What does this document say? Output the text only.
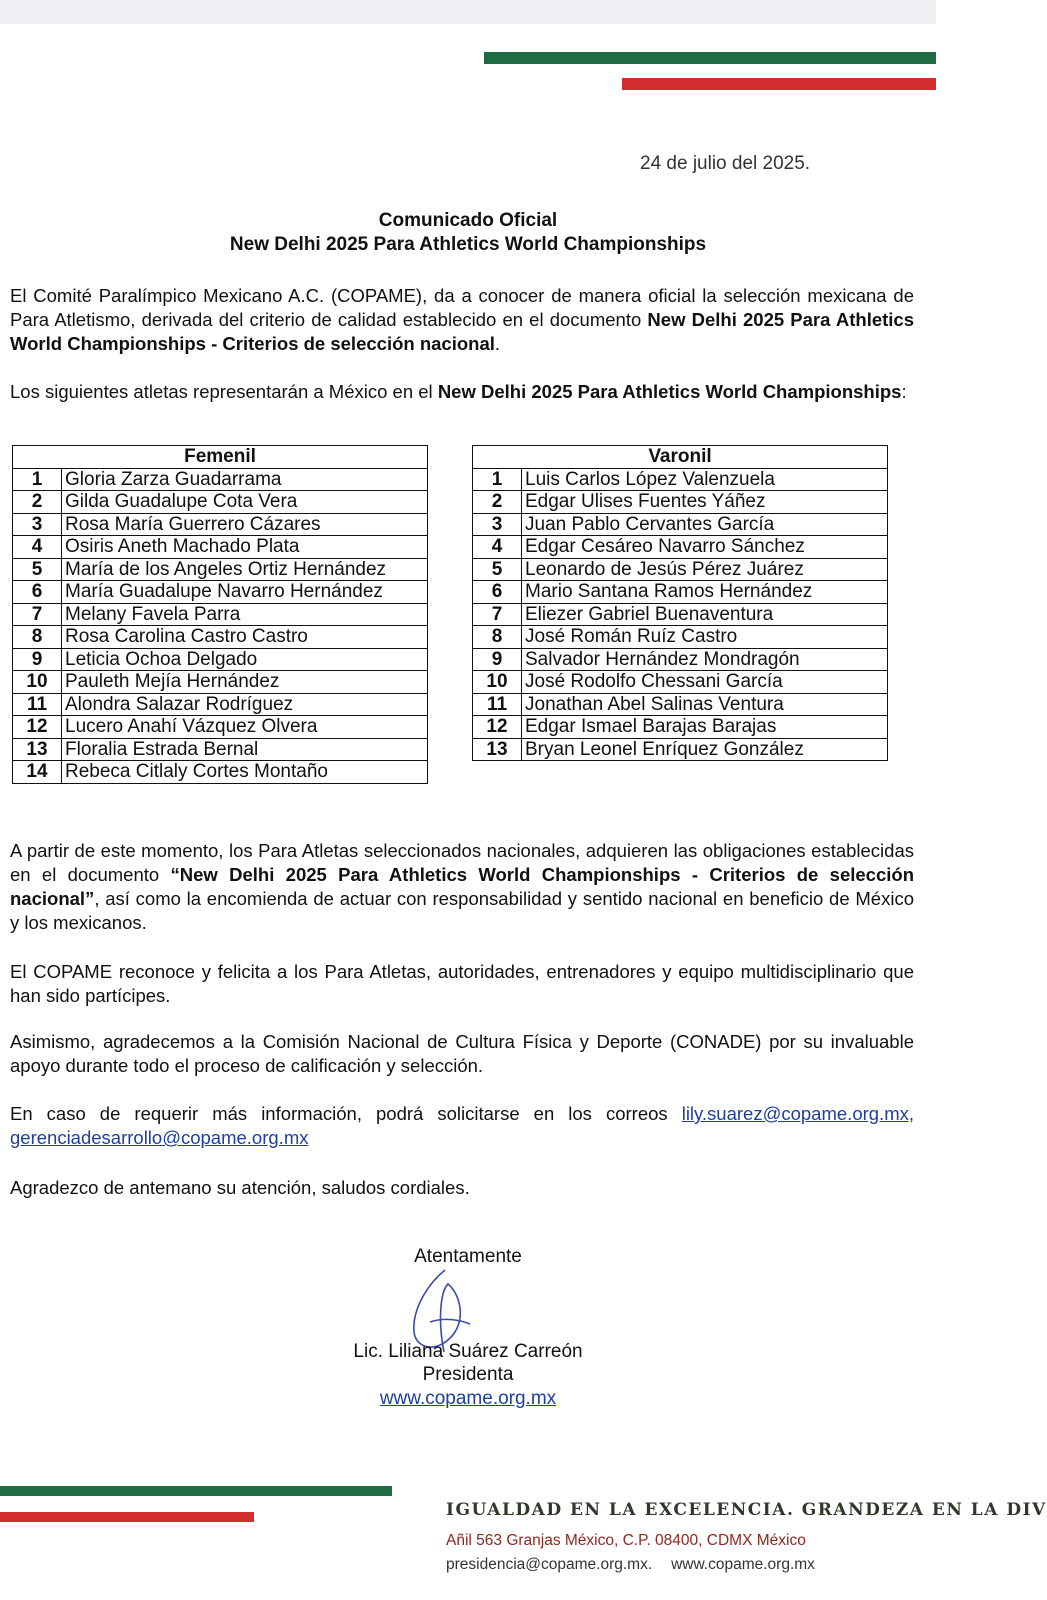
24 de julio del 2025.
Comunicado Oficial
New Delhi 2025 Para Athletics World Championships
El Comité Paralímpico Mexicano A.C. (COPAME), da a conocer de manera oficial la selección mexicana de Para Atletismo, derivada del criterio de calidad establecido en el documento New Delhi 2025 Para Athletics World Championships - Criterios de selección nacional.
Los siguientes atletas representarán a México en el New Delhi 2025 Para Athletics World Championships:
Femenil	
1	Gloria Zarza Guadarrama
2	Gilda Guadalupe Cota Vera
3	Rosa María Guerrero Cázares
4	Osiris Aneth Machado Plata
5	María de los Angeles Ortiz Hernández
6	María Guadalupe Navarro Hernández
7	Melany Favela Parra
8	Rosa Carolina Castro Castro
9	Leticia Ochoa Delgado
10	Pauleth Mejía Hernández
11	Alondra Salazar Rodríguez
12	Lucero Anahí Vázquez Olvera
13	Floralia Estrada Bernal
14	Rebeca Citlaly Cortes Montaño
Varonil	
1	Luis Carlos López Valenzuela
2	Edgar Ulises Fuentes Yáñez
3	Juan Pablo Cervantes García
4	Edgar Cesáreo Navarro Sánchez
5	Leonardo de Jesús Pérez Juárez
6	Mario Santana Ramos Hernández
7	Eliezer Gabriel Buenaventura
8	José Román Ruíz Castro
9	Salvador Hernández Mondragón
10	José Rodolfo Chessani García
11	Jonathan Abel Salinas Ventura
12	Edgar Ismael Barajas Barajas
13	Bryan Leonel Enríquez González
A partir de este momento, los Para Atletas seleccionados nacionales, adquieren las obligaciones establecidas en el documento “New Delhi 2025 Para Athletics World Championships - Criterios de selección nacional”, así como la encomienda de actuar con responsabilidad y sentido nacional en beneficio de México y los mexicanos.
El COPAME reconoce y felicita a los Para Atletas, autoridades, entrenadores y equipo multidisciplinario que han sido partícipes.
Asimismo, agradecemos a la Comisión Nacional de Cultura Física y Deporte (CONADE) por su invaluable apoyo durante todo el proceso de calificación y selección.
En caso de requerir más información, podrá solicitarse en los correos lily.suarez@copame.org.mx, gerenciadesarrollo@copame.org.mx
Agradezco de antemano su atención, saludos cordiales.
Atentamente
Lic. Liliana Suárez Carreón
Presidenta
www.copame.org.mx
IGUALDAD EN LA EXCELENCIA. GRANDEZA EN LA DIV
Añil 563 Granjas México, C.P. 08400, CDMX México
presidencia@copame.org.mx. www.copame.org.mx
